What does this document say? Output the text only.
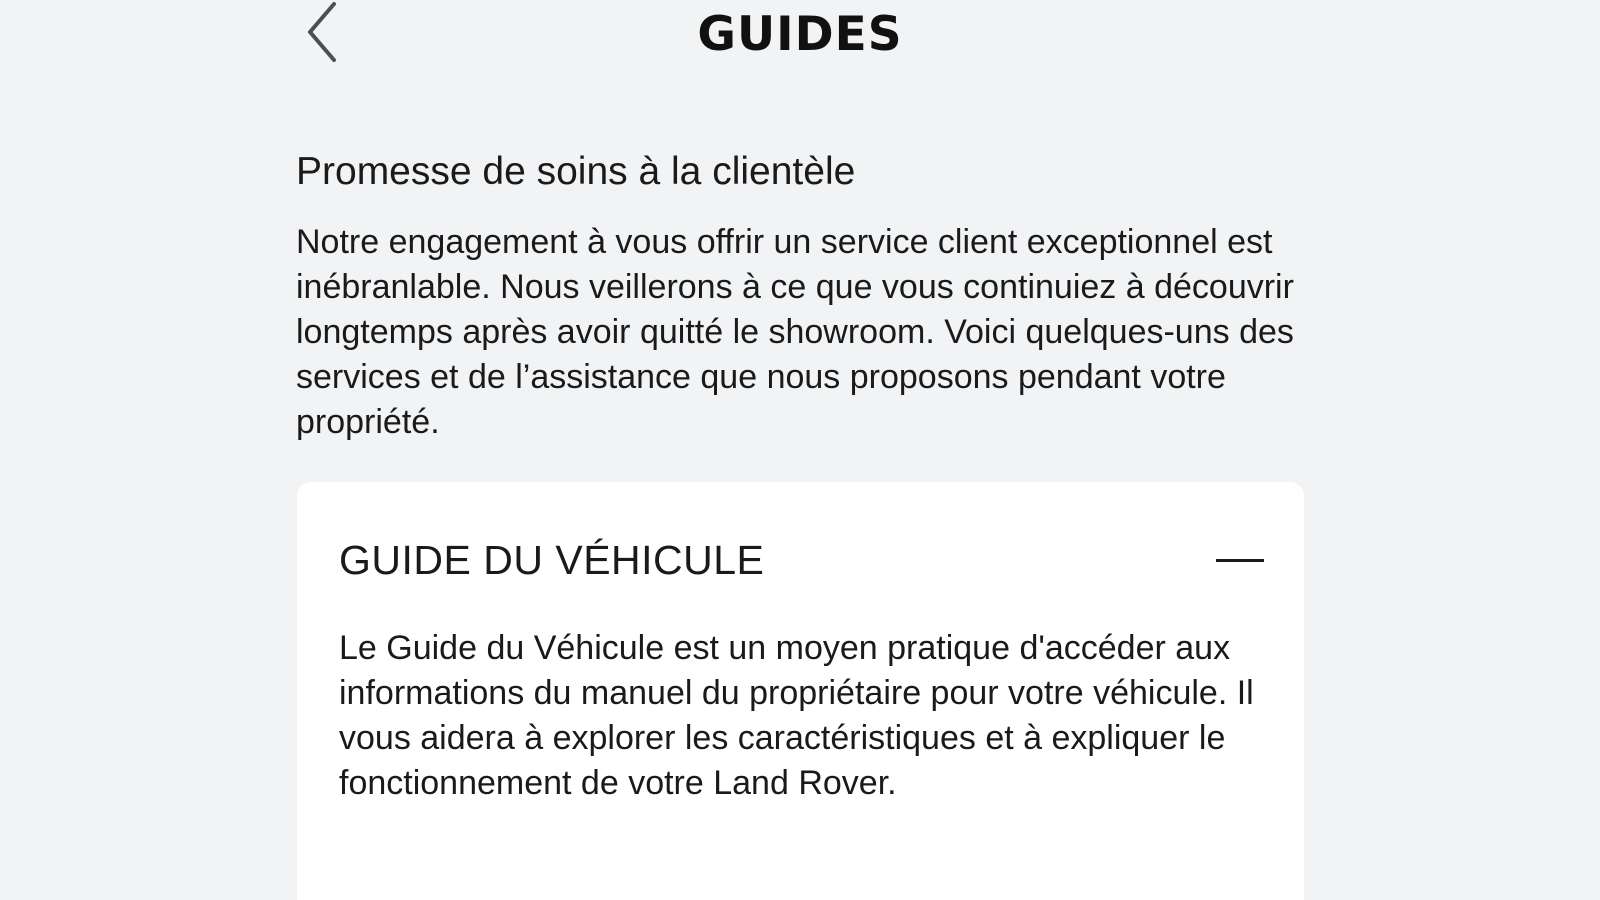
GUIDES
Promesse de soins à la clientèle

Notre engagement à vous offrir un service client exceptionnel est inébranlable. Nous veillerons à ce que vous continuiez à découvrir longtemps après avoir quitté le showroom. Voici quelques-uns des services et de l’assistance que nous proposons pendant votre propriété.

GUIDE DU VÉHICULE

Le Guide du Véhicule est un moyen pratique d'accéder aux informations du manuel du propriétaire pour votre véhicule. Il vous aidera à explorer les caractéristiques et à expliquer le fonctionnement de votre Land Rover.
